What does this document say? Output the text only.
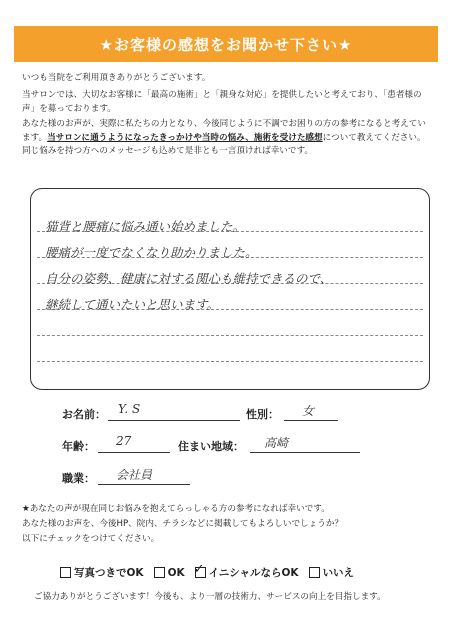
★お客様の感想をお聞かせ下さい★
いつも当院をご利用頂きありがとうございます。
当サロンでは、大切なお客様に「最高の施術」と「親身な対応」を提供したいと考えており、「患者様の声」を募っております。
あなた様のお声が、実際に私たちの力となり、今後同じように不調でお困りの方の参考になると考えています。当サロンに通うようになったきっかけや当時の悩み、施術を受けた感想について教えてください。同じ悩みを持つ方へのメッセージも込めて是非とも一言頂ければ幸いです。
猫背と腰痛に悩み通い始めました。
腰痛が一度でなくなり助かりました。
自分の姿勢、健康に対する関心も維持できるので、
継続して通いたいと思います。
お名前： Y. S	性別： 女
年齢： 27	住まい地域： 高崎
職業： 会社員
★あなたの声が現在同じお悩みを抱えてらっしゃる方の参考になれば幸いです。
あなた様のお声を、今後HP、院内、チラシなどに掲載してもよろしいでしょうか？
以下にチェックをつけてください。
写真つきでOK OK ✓ イニシャルならOK いいえ
ご協力ありがとうございます！今後も、より一層の技術力、サービスの向上を目指します。
